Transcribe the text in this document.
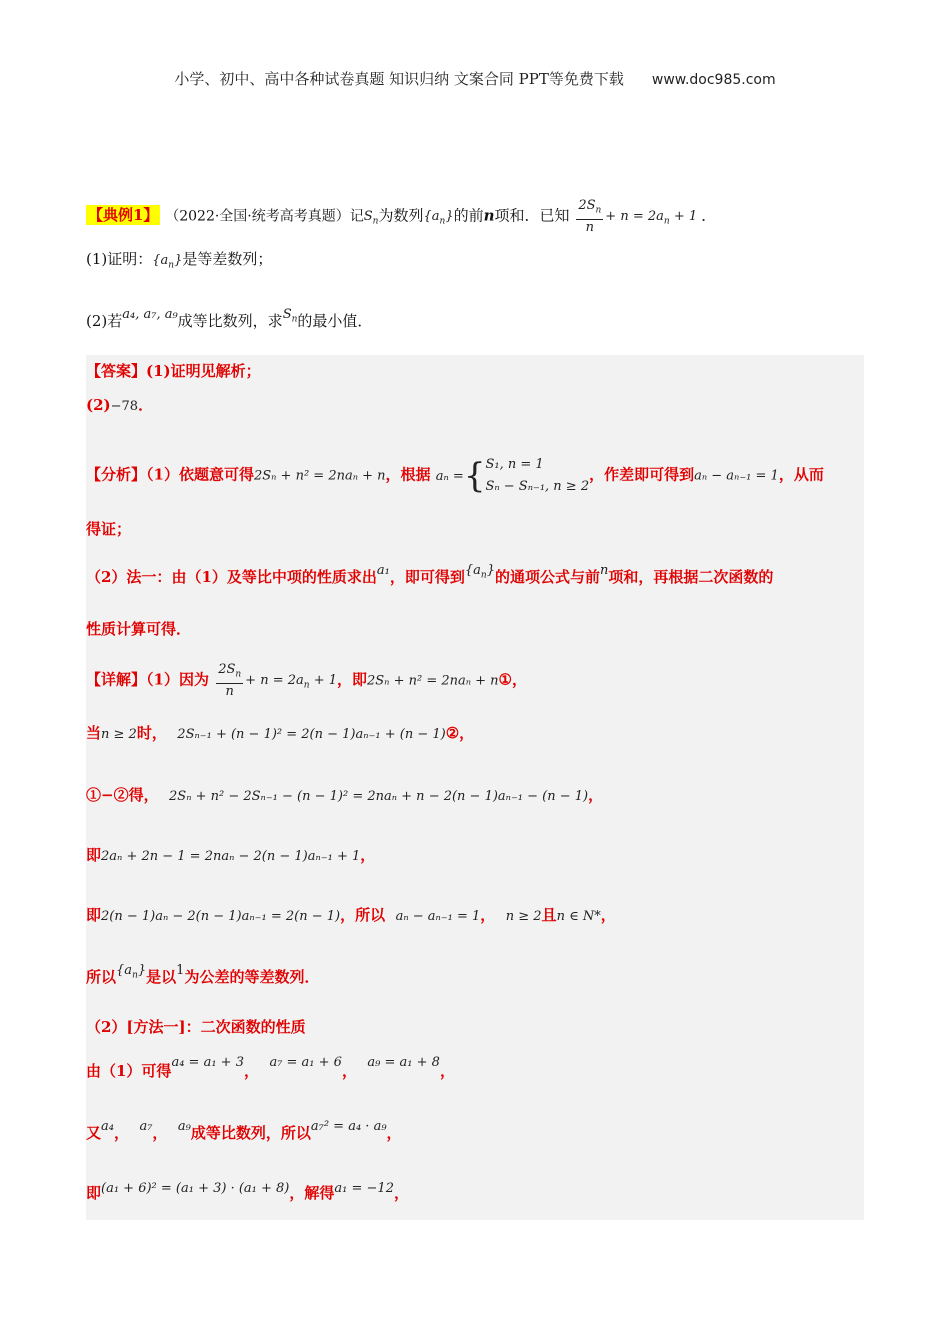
小学、初中、高中各种试卷真题 知识归纳 文案合同 PPT等免费下载 www.doc985.com
【典例1】 （2022·全国·统考高考真题）记$S_n$为数列$\{a_n\}$的前n项和．已知 $\frac{2S_n}{n} + n = 2a_n + 1$ ．
(1)证明：$\{a_n\}$是等差数列；
(2)若a₄, a₇, a₉成等比数列，求$S_n$的最小值．
【答案】(1)证明见解析；
(2)−78．
【分析】（1）依题意可得2Sₙ + n² = 2naₙ + n，根据 aₙ ={S₁, n = 1
Sₙ − Sₙ₋₁, n ≥ 2，作差即可得到aₙ − aₙ₋₁ = 1，从而
得证；
（2）法一：由（1）及等比中项的性质求出a₁，即可得到$\{a_n\}$的通项公式与前n项和，再根据二次函数的
性质计算可得．
【详解】（1）因为 $\frac{2S_n}{n} + n = 2a_n + 1$，即2Sₙ + n² = 2naₙ + n①，
当n ≥ 2时， 2Sₙ₋₁ + (n − 1)² = 2(n − 1)aₙ₋₁ + (n − 1)②，
①−②得， 2Sₙ + n² − 2Sₙ₋₁ − (n − 1)² = 2naₙ + n − 2(n − 1)aₙ₋₁ − (n − 1)，
即2aₙ + 2n − 1 = 2naₙ − 2(n − 1)aₙ₋₁ + 1，
即2(n − 1)aₙ − 2(n − 1)aₙ₋₁ = 2(n − 1)，所以 aₙ − aₙ₋₁ = 1， n ≥ 2且n ∈ N*，
所以$\{a_n\}$是以1为公差的等差数列．
（2）[方法一]：二次函数的性质
由（1）可得a₄ = a₁ + 3， a₇ = a₁ + 6， a₉ = a₁ + 8，
又a₄， a₇， a₉成等比数列，所以a₇² = a₄ · a₉，
即(a₁ + 6)² = (a₁ + 3) · (a₁ + 8)，解得a₁ = −12，
